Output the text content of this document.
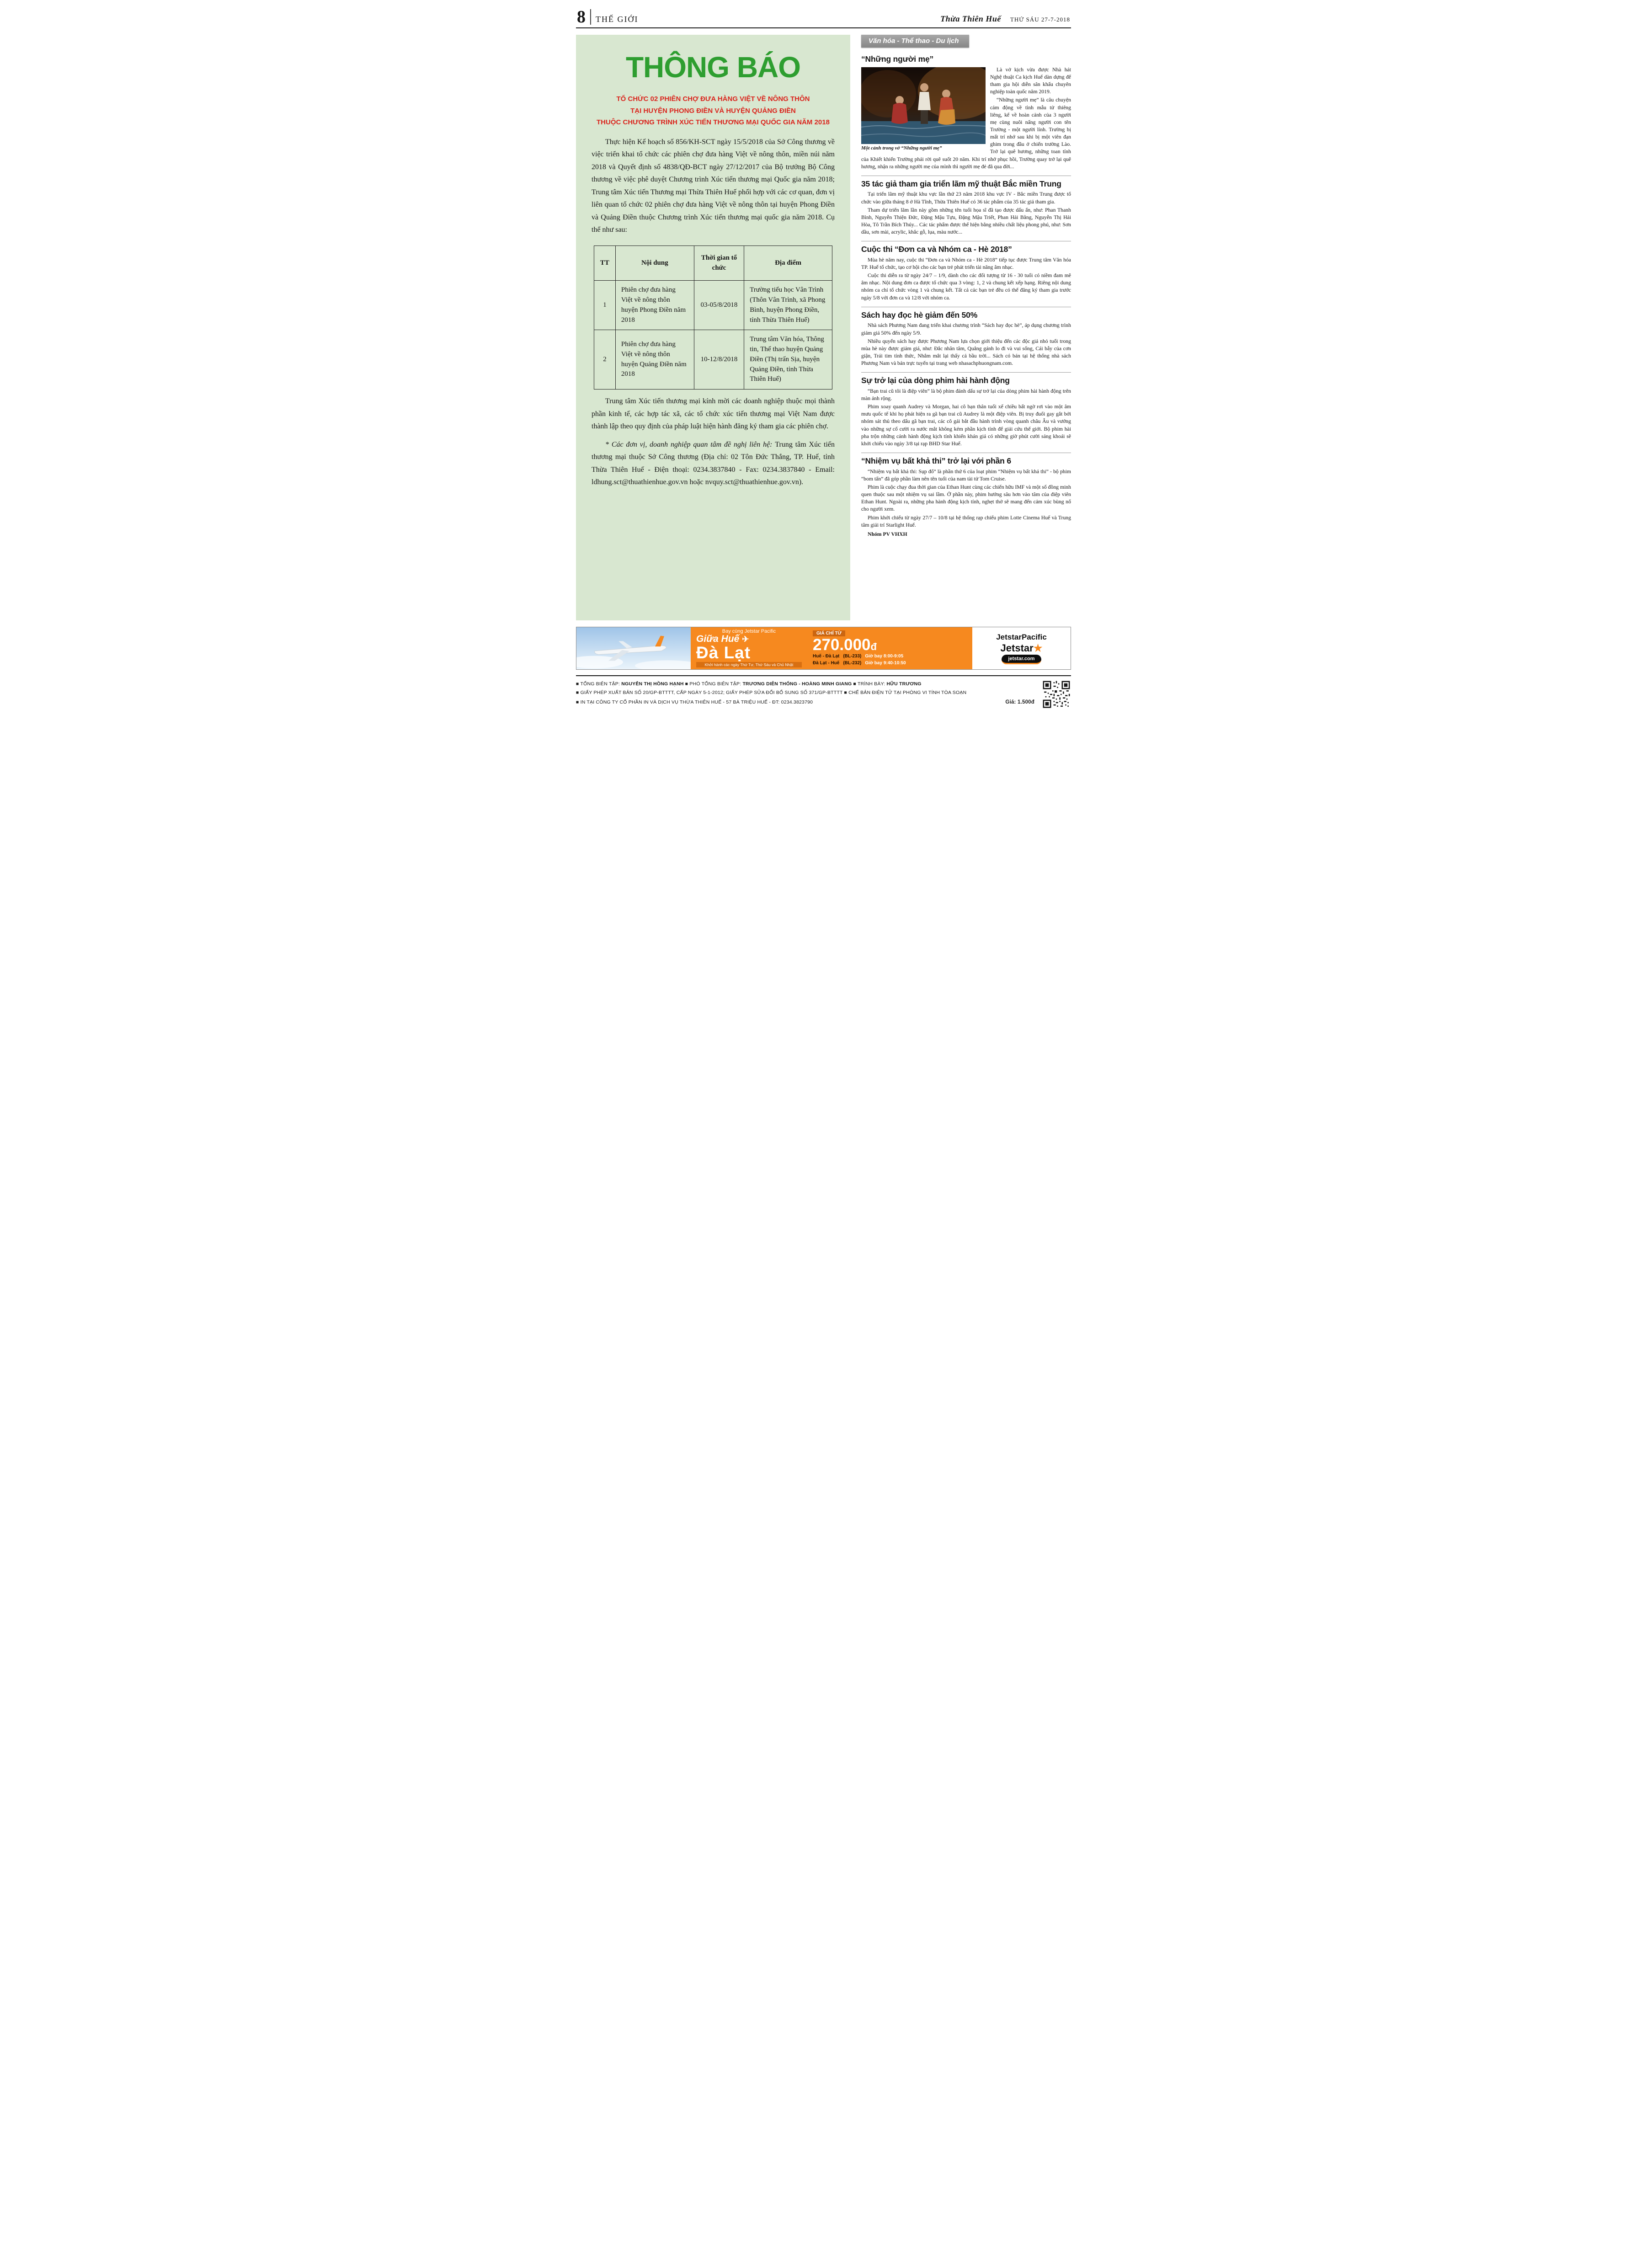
8 THẾ GIỚI	Thừa Thiên Huế THỨ SÁU 27-7-2018
THÔNG BÁO
TỔ CHỨC 02 PHIÊN CHỢ ĐƯA HÀNG VIỆT VỀ NÔNG THÔN
TẠI HUYỆN PHONG ĐIỀN VÀ HUYỆN QUẢNG ĐIỀN
THUỘC CHƯƠNG TRÌNH XÚC TIẾN THƯƠNG MẠI QUỐC GIA NĂM 2018

Thực hiện Kế hoạch số 856/KH-SCT ngày 15/5/2018 của Sở Công thương về việc triển khai tổ chức các phiên chợ đưa hàng Việt về nông thôn, miền núi năm 2018 và Quyết định số 4838/QĐ-BCT ngày 27/12/2017 của Bộ trưởng Bộ Công thương về việc phê duyệt Chương trình Xúc tiến thương mại Quốc gia năm 2018; Trung tâm Xúc tiến Thương mại Thừa Thiên Huế phối hợp với các cơ quan, đơn vị liên quan tổ chức 02 phiên chợ đưa hàng Việt về nông thôn tại huyện Phong Điền và Quảng Điền thuộc Chương trình Xúc tiến thương mại quốc gia năm 2018. Cụ thể như sau:

TT	Nội dung	Thời gian tổ chức	Địa điểm
1	Phiên chợ đưa hàng Việt về nông thôn huyện Phong Điền năm 2018	03-05/8/2018	Trường tiểu học Vân Trình (Thôn Vân Trình, xã Phong Bình, huyện Phong Điền, tỉnh Thừa Thiên Huế)
2	Phiên chợ đưa hàng Việt về nông thôn huyện Quảng Điền năm 2018	10-12/8/2018	Trung tâm Văn hóa, Thông tin, Thể thao huyện Quảng Điền (Thị trấn Sịa, huyện Quảng Điền, tỉnh Thừa Thiên Huế)

Trung tâm Xúc tiến thương mại kính mời các doanh nghiệp thuộc mọi thành phần kinh tế, các hợp tác xã, các tổ chức xúc tiến thương mại Việt Nam được thành lập theo quy định của pháp luật hiện hành đăng ký tham gia các phiên chợ.

* Các đơn vị, doanh nghiệp quan tâm đề nghị liên hệ: Trung tâm Xúc tiến thương mại thuộc Sở Công thương (Địa chỉ: 02 Tôn Đức Thắng, TP. Huế, tỉnh Thừa Thiên Huế - Điện thoại: 0234.3837840 - Fax: 0234.3837840 - Email: ldhung.sct@thuathienhue.gov.vn hoặc nvquy.sct@thuathienhue.gov.vn).

Văn hóa - Thể thao - Du lịch
“Những người mẹ”
Một cảnh trong vở “Những người mẹ”

Là vở kịch vừa được Nhà hát Nghệ thuật Ca kịch Huế dàn dựng để tham gia hội diễn sân khấu chuyên nghiệp toàn quốc năm 2019.

“Những người mẹ” là câu chuyện cảm động về tình mẫu tử thiêng liêng, kể về hoàn cảnh của 3 người mẹ cùng nuôi nấng người con tên Trường - một người lính. Trường bị mất trí nhớ sau khi bị một viên đạn ghim trong đầu ở chiến trường Lào. Trở lại quê hương, những toan tính của Khiết khiến Trường phải rời quê suốt 20 năm. Khi trí nhớ phục hồi, Trường quay trở lại quê hương, nhận ra những người mẹ của mình thì người mẹ đẻ đã qua đời...

35 tác giả tham gia triển lãm mỹ thuật Bắc miền Trung

Tại triển lãm mỹ thuật khu vực lần thứ 23 năm 2018 khu vực IV - Bắc miền Trung được tổ chức vào giữa tháng 8 ở Hà Tĩnh, Thừa Thiên Huế có 36 tác phẩm của 35 tác giả tham gia.

Tham dự triển lãm lần này gồm những tên tuổi họa sĩ đã tạo được dấu ấn, như: Phan Thanh Bình, Nguyễn Thiện Đức, Đặng Mậu Tựu, Đặng Mậu Triết, Phan Hải Bằng, Nguyễn Thị Hải Hòa, Tô Trần Bích Thúy... Các tác phẩm được thể hiện bằng nhiều chất liệu phong phú, như: Sơn dầu, sơn mài, acrylic, khắc gỗ, lụa, màu nước...

Cuộc thi “Đơn ca và Nhóm ca - Hè 2018”

Mùa hè năm nay, cuộc thi “Đơn ca và Nhóm ca - Hè 2018” tiếp tục được Trung tâm Văn hóa TP. Huế tổ chức, tạo cơ hội cho các bạn trẻ phát triển tài năng âm nhạc.

Cuộc thi diễn ra từ ngày 24/7 – 1/9, dành cho các đối tượng từ 16 - 30 tuổi có niềm đam mê âm nhạc. Nội dung đơn ca được tổ chức qua 3 vòng: 1, 2 và chung kết xếp hạng. Riêng nội dung nhóm ca chỉ tổ chức vòng 1 và chung kết. Tất cả các bạn trẻ đều có thể đăng ký tham gia trước ngày 5/8 với đơn ca và 12/8 với nhóm ca.

Sách hay đọc hè giảm đến 50%

Nhà sách Phương Nam đang triển khai chương trình “Sách hay đọc hè”, áp dụng chương trình giảm giá 50% đến ngày 5/9.

Nhiều quyển sách hay được Phương Nam lựa chọn giới thiệu đến các độc giả nhỏ tuổi trong mùa hè này được giảm giá, như: Đắc nhân tâm, Quẳng gánh lo đi và vui sống, Cái bẫy của cơn giận, Trái tim tỉnh thức, Nhắm mắt lại thấy cả bầu trời... Sách có bán tại hệ thống nhà sách Phương Nam và bán trực tuyến tại trang web nhasachphuongnam.com.

Sự trở lại của dòng phim hài hành động

“Bạn trai cũ tôi là điệp viên” là bộ phim đánh dấu sự trở lại của dòng phim hài hành động trên màn ảnh rộng.

Phim xoay quanh Audrey và Morgan, hai cô bạn thân tuổi xế chiều bất ngờ rơi vào một âm mưu quốc tế khi họ phát hiện ra gã bạn trai cũ Audrey là một điệp viên. Bị truy đuổi gay gắt bởi nhóm sát thủ theo dấu gã bạn trai, các cô gái bắt đầu hành trình vòng quanh châu Âu và vướng vào những sự cố cười ra nước mắt không kém phần kịch tính để giải cứu thế giới. Bộ phim hài pha trộn những cảnh hành động kịch tính khiến khán giả có những giờ phút cười sảng khoái sẽ khởi chiếu vào ngày 3/8 tại rạp BHD Star Huế.

“Nhiệm vụ bất khả thi” trở lại với phần 6

“Nhiệm vụ bất khả thi: Sụp đổ” là phần thứ 6 của loạt phim “Nhiệm vụ bất khả thi” - bộ phim “bom tấn” đã góp phần làm nên tên tuổi của nam tài tử Tom Cruise.

Phim là cuộc chạy đua thời gian của Ethan Hunt cùng các chiến hữu IMF và một số đồng minh quen thuộc sau một nhiệm vụ sai lầm. Ở phần này, phim hướng sâu hơn vào tâm của điệp viên Ethan Hunt. Ngoài ra, những pha hành động kịch tính, nghẹt thở sẽ mang đến cảm xúc bùng nổ cho người xem.

Phim khởi chiếu từ ngày 27/7 – 10/8 tại hệ thống rạp chiếu phim Lotte Cinema Huế và Trung tâm giải trí Starlight Huế.

Nhóm PV VHXH

Bay cùng Jetstar Pacific
Giữa Huế ✈
Đà Lạt
Khởi hành các ngày Thứ Tư, Thứ Sáu và Chủ Nhật
GIÁ CHỈ TỪ
270.000đ
Huế - Đà Lạt (BL-233) Giờ bay 8:00-9:05
Đà Lạt - Huế (BL-232) Giờ bay 9:40-10:50
JetstarPacific
Jetstar★
jetstar.com
■ TỔNG BIÊN TẬP: NGUYỄN THỊ HỒNG HẠNH ■ PHÓ TỔNG BIÊN TẬP: TRƯƠNG DIÊN THỐNG - HOÀNG MINH GIANG ■ TRÌNH BÀY: HỮU TRƯƠNG
■ GIẤY PHÉP XUẤT BẢN SỐ 20/GP-BTTTT, CẤP NGÀY 5-1-2012; GIẤY PHÉP SỬA ĐỔI BỔ SUNG SỐ 371/GP-BTTTT ■ CHẾ BẢN ĐIỆN TỬ TẠI PHÒNG VI TÍNH TÒA SOẠN
■ IN TẠI CÔNG TY CỔ PHẦN IN VÀ DỊCH VỤ THỪA THIÊN HUẾ - 57 BÀ TRIỆU HUẾ - ĐT: 0234.3823790	Giá: 1.500đ
